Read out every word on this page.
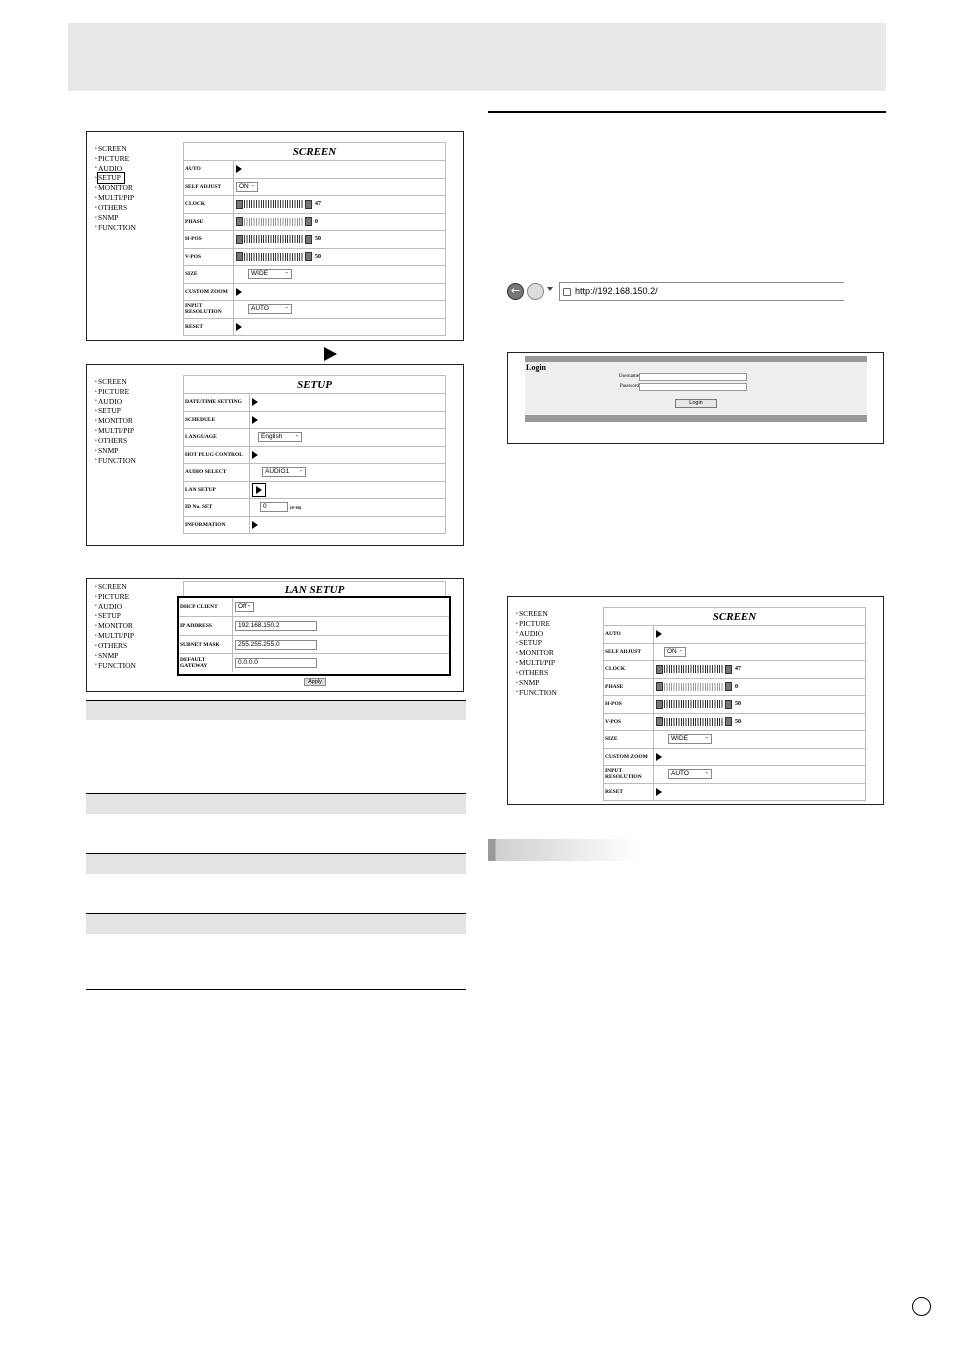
• SCREEN
• PICTURE
• AUDIO
• SETUP
• MONITOR
• MULTI/PIP
• OTHERS
• SNMP
• FUNCTION
SCREEN
AUTO
SELF ADJUST	ON -
CLOCK	47
PHASE	0
H-POS	50
V-POS	50
SIZE	WIDE -
CUSTOM ZOOM
INPUT RESOLUTION	AUTO -
RESET
• SCREEN
• PICTURE
• AUDIO
• SETUP
• MONITOR
• MULTI/PIP
• OTHERS
• SNMP
• FUNCTION
SETUP
DATE/TIME SETTING
SCHEDULE
LANGUAGE	English -
HOT PLUG CONTROL
AUDIO SELECT	AUDIO1 -
LAN SETUP
ID No. SET	0	(0-36)
INFORMATION
• SCREEN
• PICTURE
• AUDIO
• SETUP
• MONITOR
• MULTI/PIP
• OTHERS
• SNMP
• FUNCTION
LAN SETUP
DHCP CLIENT	Off -
IP ADDRESS	192.168.150.2
SUBNET MASK	255.255.255.0
DEFAULT GATEWAY	0.0.0.0
Apply
←	http://192.168.150.2/
Login
Username
Password
Login
• SCREEN
• PICTURE
• AUDIO
• SETUP
• MONITOR
• MULTI/PIP
• OTHERS
• SNMP
• FUNCTION
SCREEN
AUTO
SELF ADJUST	ON -
CLOCK	47
PHASE	0
H-POS	50
V-POS	50
SIZE	WIDE -
CUSTOM ZOOM
INPUT RESOLUTION	AUTO -
RESET
